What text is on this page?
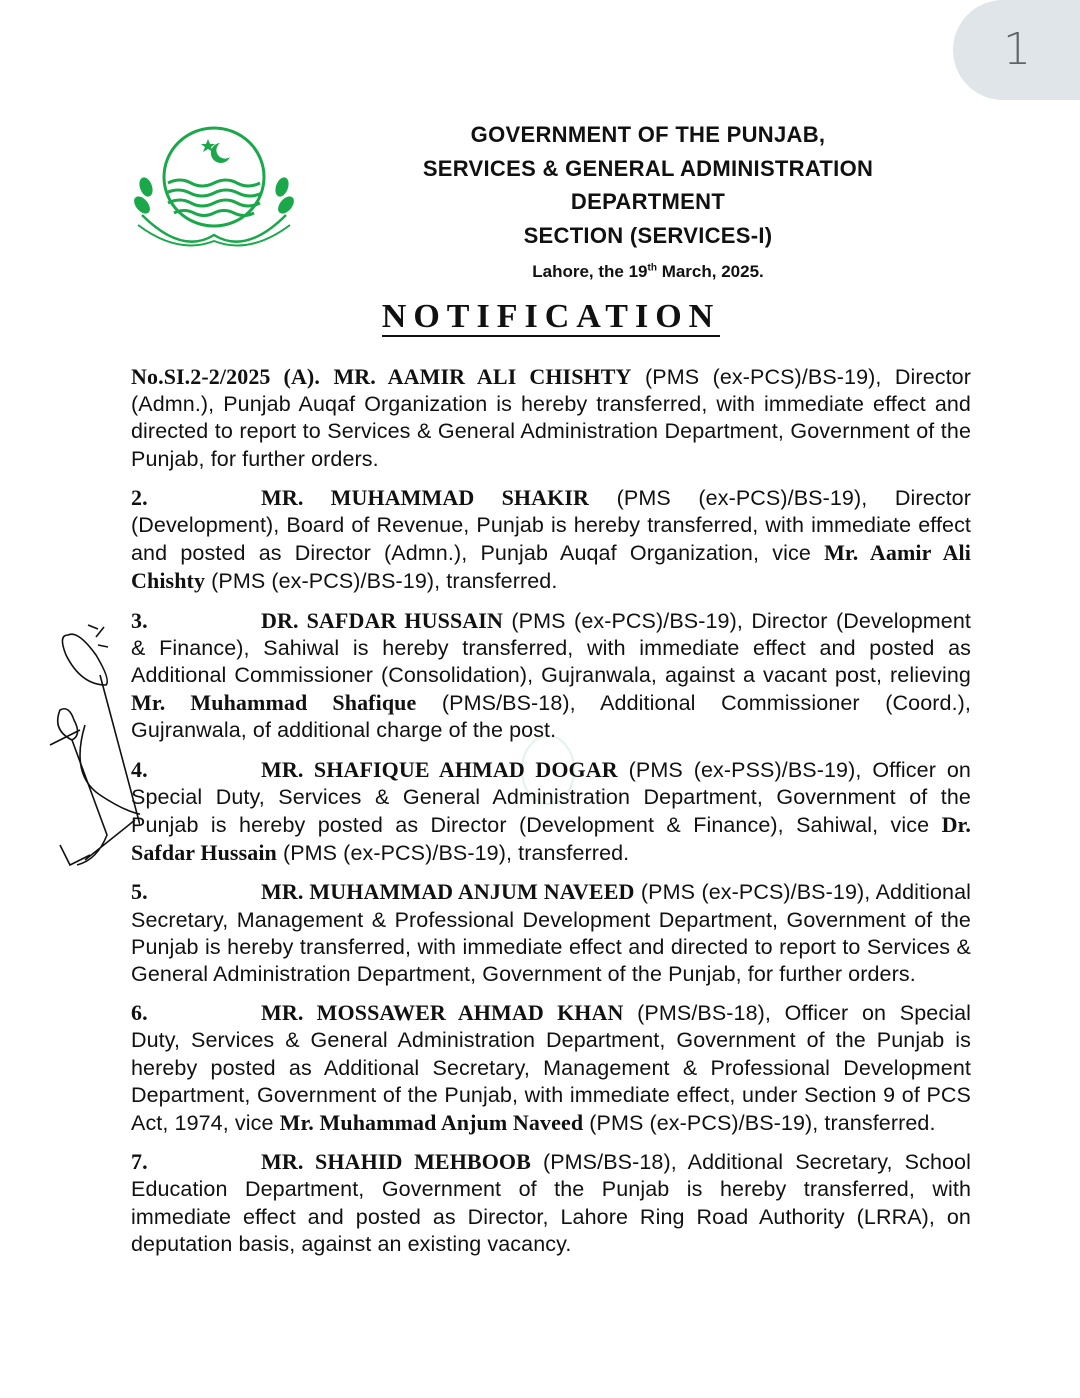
1
GOVERNMENT OF THE PUNJAB,
SERVICES & GENERAL ADMINISTRATION
DEPARTMENT
SECTION (SERVICES-I)
Lahore, the 19th March, 2025.
NOTIFICATION

No.SI.2-2/2025 (A). MR. AAMIR ALI CHISHTY (PMS (ex-PCS)/BS-19), Director (Admn.), Punjab Auqaf Organization is hereby transferred, with immediate effect and directed to report to Services & General Administration Department, Government of the Punjab, for further orders.

2.	MR. MUHAMMAD SHAKIR (PMS (ex-PCS)/BS-19), Director (Development), Board of Revenue, Punjab is hereby transferred, with immediate effect and posted as Director (Admn.), Punjab Auqaf Organization, vice Mr. Aamir Ali Chishty (PMS (ex-PCS)/BS-19), transferred.

3.	DR. SAFDAR HUSSAIN (PMS (ex-PCS)/BS-19), Director (Development & Finance), Sahiwal is hereby transferred, with immediate effect and posted as Additional Commissioner (Consolidation), Gujranwala, against a vacant post, relieving Mr. Muhammad Shafique (PMS/BS-18), Additional Commissioner (Coord.), Gujranwala, of additional charge of the post.

4.	MR. SHAFIQUE AHMAD DOGAR (PMS (ex-PSS)/BS-19), Officer on Special Duty, Services & General Administration Department, Government of the Punjab is hereby posted as Director (Development & Finance), Sahiwal, vice Dr. Safdar Hussain (PMS (ex-PCS)/BS-19), transferred.

5.	MR. MUHAMMAD ANJUM NAVEED (PMS (ex-PCS)/BS-19), Additional Secretary, Management & Professional Development Department, Government of the Punjab is hereby transferred, with immediate effect and directed to report to Services & General Administration Department, Government of the Punjab, for further orders.

6.	MR. MOSSAWER AHMAD KHAN (PMS/BS-18), Officer on Special Duty, Services & General Administration Department, Government of the Punjab is hereby posted as Additional Secretary, Management & Professional Development Department, Government of the Punjab, with immediate effect, under Section 9 of PCS Act, 1974, vice Mr. Muhammad Anjum Naveed (PMS (ex-PCS)/BS-19), transferred.

7.	MR. SHAHID MEHBOOB (PMS/BS-18), Additional Secretary, School Education Department, Government of the Punjab is hereby transferred, with immediate effect and posted as Director, Lahore Ring Road Authority (LRRA), on deputation basis, against an existing vacancy.
